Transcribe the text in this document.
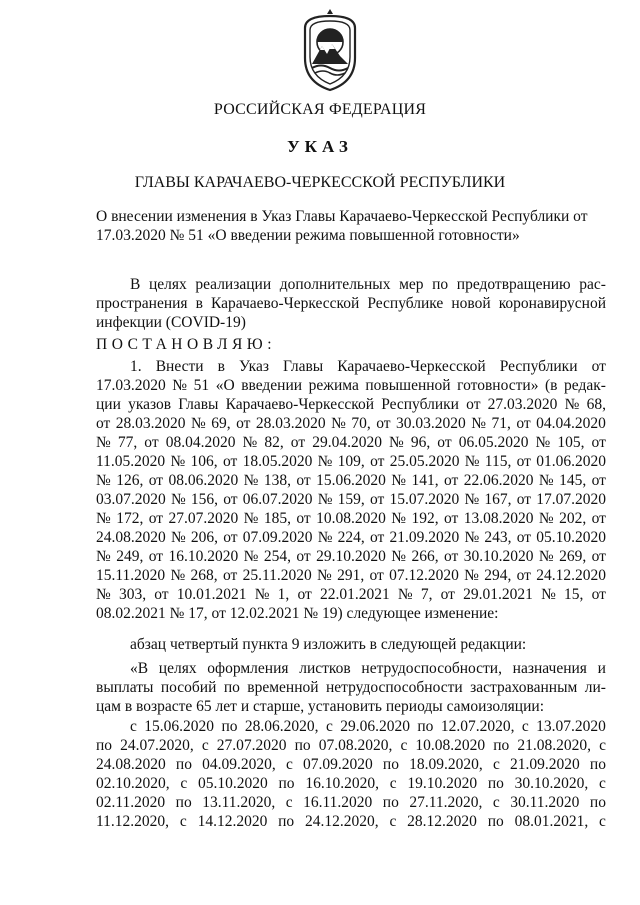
РОССИЙСКАЯ ФЕДЕРАЦИЯ
УКАЗ
ГЛАВЫ КАРАЧАЕВО-ЧЕРКЕССКОЙ РЕСПУБЛИКИ
О внесении изменения в Указ Главы Карачаево-Черкесской Республики от
17.03.2020 № 51 «О введении режима повышенной готовности»
В целях реализации дополнительных мер по предотвращению рас-
пространения в Карачаево-Черкесской Республике новой коронавирусной
инфекции (COVID-19)
ПОСТАНОВЛЯЮ:
1. Внести в Указ Главы Карачаево-Черкесской Республики от
17.03.2020 № 51 «О введении режима повышенной готовности» (в редак-
ции указов Главы Карачаево-Черкесской Республики от 27.03.2020 № 68,
от 28.03.2020 № 69, от 28.03.2020 № 70, от 30.03.2020 № 71, от 04.04.2020
№ 77, от 08.04.2020 № 82, от 29.04.2020 № 96, от 06.05.2020 № 105, от
11.05.2020 № 106, от 18.05.2020 № 109, от 25.05.2020 № 115, от 01.06.2020
№ 126, от 08.06.2020 № 138, от 15.06.2020 № 141, от 22.06.2020 № 145, от
03.07.2020 № 156, от 06.07.2020 № 159, от 15.07.2020 № 167, от 17.07.2020
№ 172, от 27.07.2020 № 185, от 10.08.2020 № 192, от 13.08.2020 № 202, от
24.08.2020 № 206, от 07.09.2020 № 224, от 21.09.2020 № 243, от 05.10.2020
№ 249, от 16.10.2020 № 254, от 29.10.2020 № 266, от 30.10.2020 № 269, от
15.11.2020 № 268, от 25.11.2020 № 291, от 07.12.2020 № 294, от 24.12.2020
№ 303, от 10.01.2021 № 1, от 22.01.2021 № 7, от 29.01.2021 № 15, от
08.02.2021 № 17, от 12.02.2021 № 19) следующее изменение:
абзац четвертый пункта 9 изложить в следующей редакции:
«В целях оформления листков нетрудоспособности, назначения и
выплаты пособий по временной нетрудоспособности застрахованным ли-
цам в возрасте 65 лет и старше, установить периоды самоизоляции:
с 15.06.2020 по 28.06.2020, с 29.06.2020 по 12.07.2020, с 13.07.2020
по 24.07.2020, с 27.07.2020 по 07.08.2020, с 10.08.2020 по 21.08.2020, с
24.08.2020 по 04.09.2020, с 07.09.2020 по 18.09.2020, с 21.09.2020 по
02.10.2020, с 05.10.2020 по 16.10.2020, с 19.10.2020 по 30.10.2020, с
02.11.2020 по 13.11.2020, с 16.11.2020 по 27.11.2020, с 30.11.2020 по
11.12.2020, с 14.12.2020 по 24.12.2020, с 28.12.2020 по 08.01.2021, с
